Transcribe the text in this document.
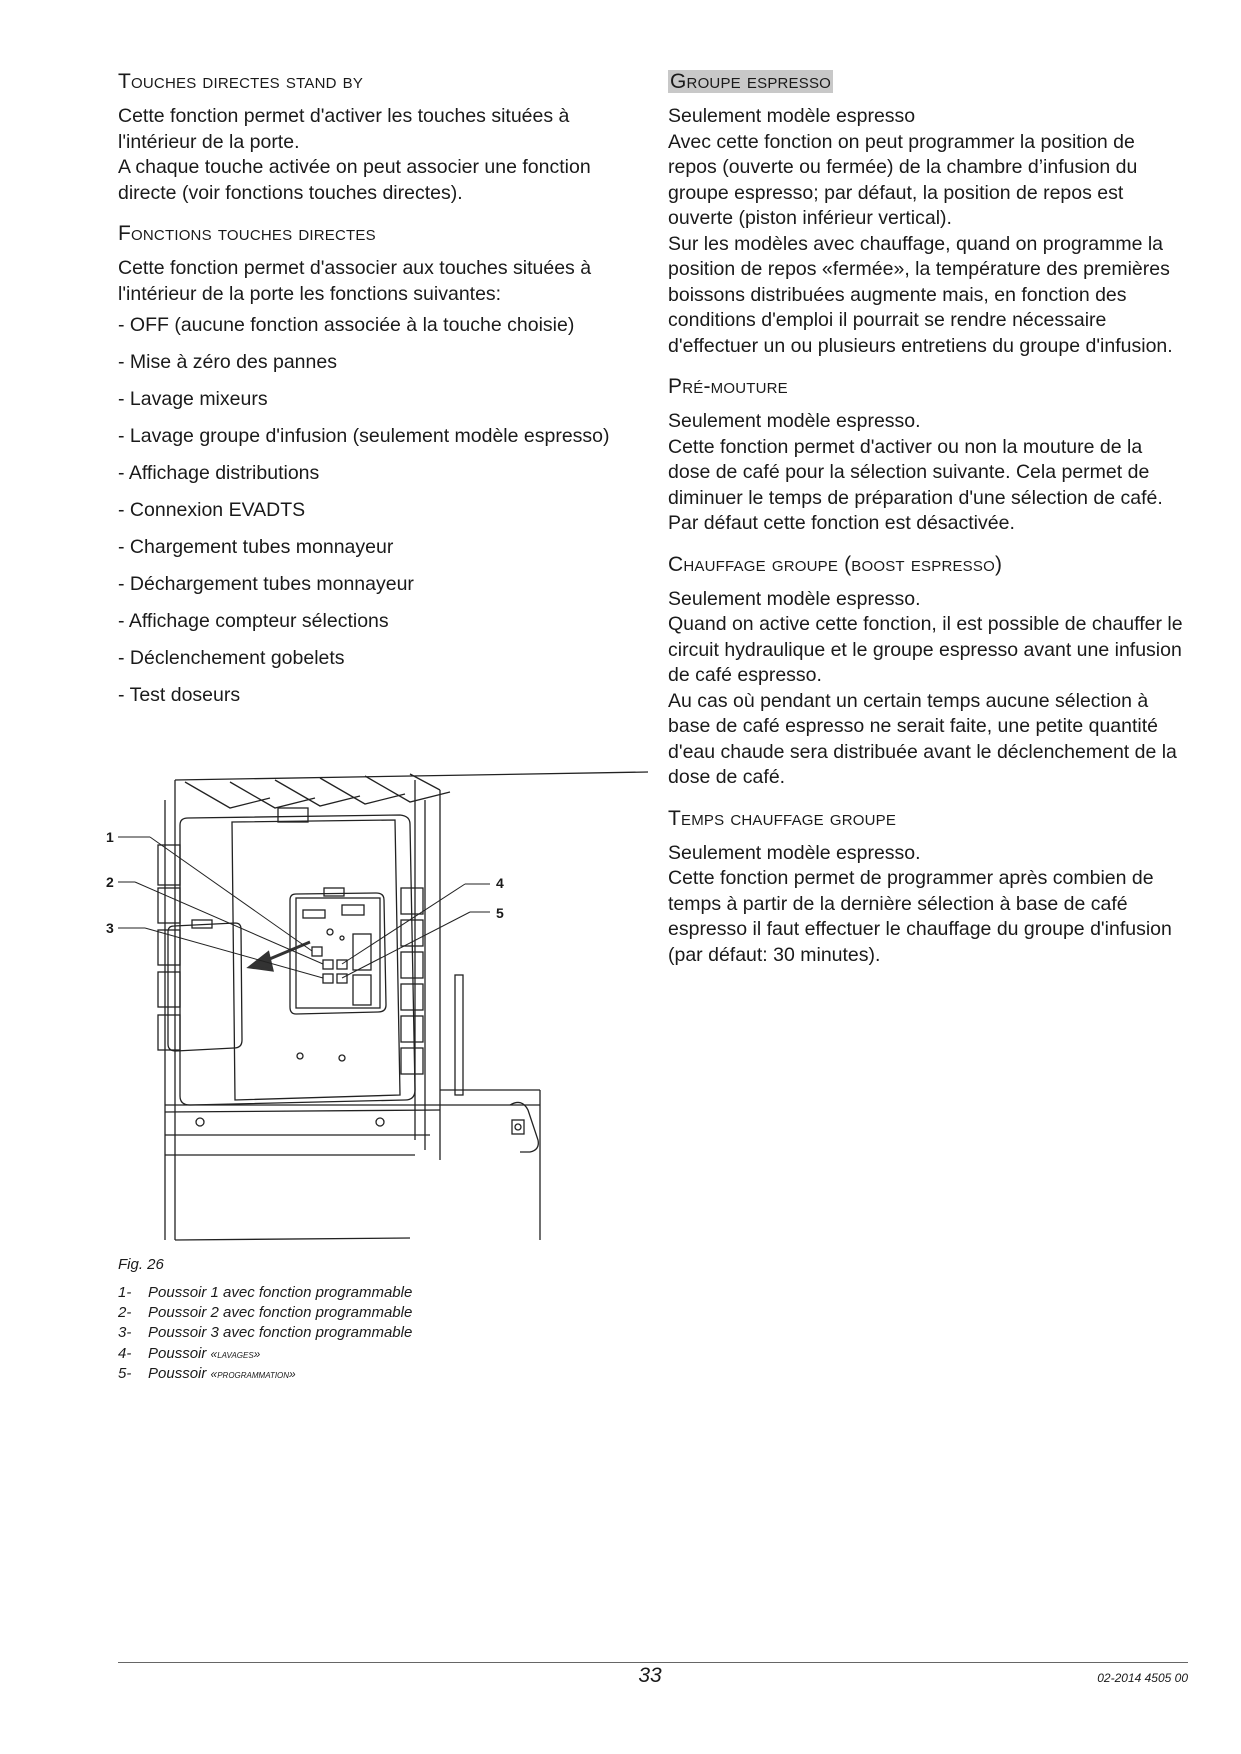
Touches directes stand by

Cette fonction permet d'activer les touches situées à l'intérieur de la porte.
A chaque touche activée on peut associer une fonction directe (voir fonctions touches directes).

Fonctions touches directes

Cette fonction permet d'associer aux touches situées à l'intérieur de la porte les fonctions suivantes:

- OFF (aucune fonction associée à la touche choisie)
- Mise à zéro des pannes
- Lavage mixeurs
- Lavage groupe d'infusion (seulement modèle espresso)
- Affichage distributions
- Connexion EVADTS
- Chargement tubes monnayeur
- Déchargement tubes monnayeur
- Affichage compteur sélections
- Déclenchement gobelets
- Test doseurs
1
2
3
4
5

Fig. 26

1- Poussoir 1 avec fonction programmable
2- Poussoir 2 avec fonction programmable
3- Poussoir 3 avec fonction programmable
4- Poussoir «lavages»
5- Poussoir «programmation»
Groupe espresso

Seulement modèle espresso
Avec cette fonction on peut programmer la position de repos (ouverte ou fermée) de la chambre d’infusion du groupe espresso; par défaut, la position de repos est ouverte (piston inférieur vertical).
Sur les modèles avec chauffage, quand on programme la position de repos «fermée», la température des premières boissons distribuées augmente mais, en fonction des conditions d'emploi il pourrait se rendre nécessaire d'effectuer un ou plusieurs entretiens du groupe d'infusion.

Pré-mouture

Seulement modèle espresso.
Cette fonction permet d'activer ou non la mouture de la dose de café pour la sélection suivante. Cela permet de diminuer le temps de préparation d'une sélection de café.
Par défaut cette fonction est désactivée.

Chauffage groupe (boost espresso)

Seulement modèle espresso.
Quand on active cette fonction, il est possible de chauffer le circuit hydraulique et le groupe espresso avant une infusion de café espresso.
Au cas où pendant un certain temps aucune sélection à base de café espresso ne serait faite, une petite quantité d'eau chaude sera distribuée avant le déclenchement de la dose de café.

Temps chauffage groupe

Seulement modèle espresso.
Cette fonction permet de programmer après combien de temps à partir de la dernière sélection à base de café espresso il faut effectuer le chauffage du groupe d'infusion (par défaut: 30 minutes).

33	02-2014 4505 00
